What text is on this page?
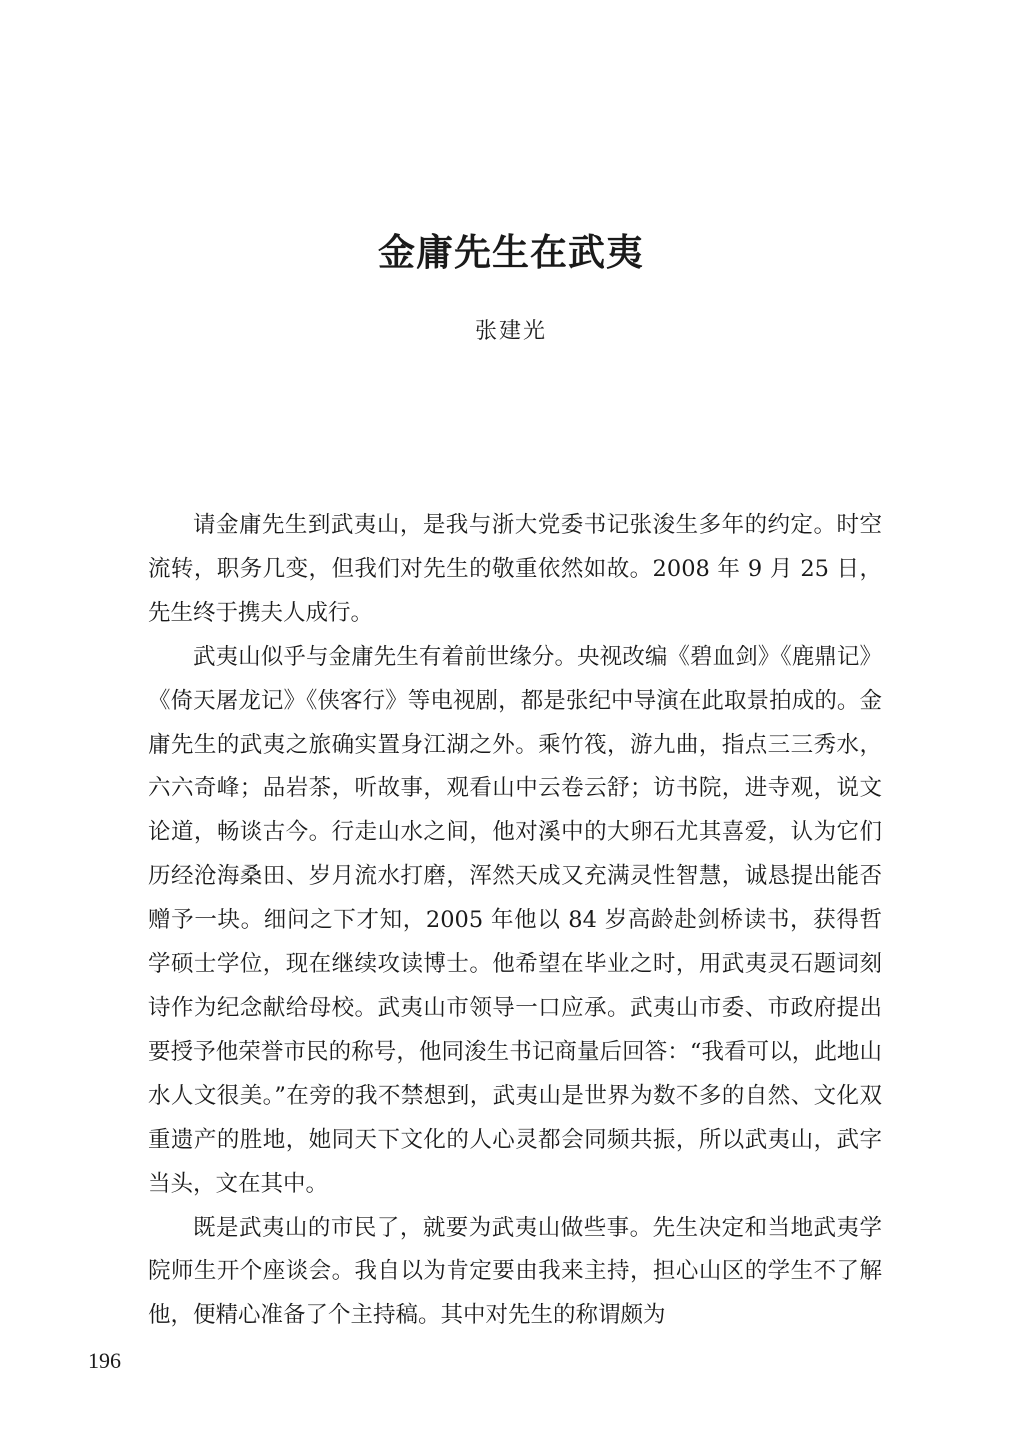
金庸先生在武夷
张建光

请金庸先生到武夷山，是我与浙大党委书记张浚生多年的约定。时空流转，职务几变，但我们对先生的敬重依然如故。2008 年 9 月 25 日，先生终于携夫人成行。

武夷山似乎与金庸先生有着前世缘分。央视改编《碧血剑》《鹿鼎记》《倚天屠龙记》《侠客行》等电视剧，都是张纪中导演在此取景拍成的。金庸先生的武夷之旅确实置身江湖之外。乘竹筏，游九曲，指点三三秀水，六六奇峰；品岩茶，听故事，观看山中云卷云舒；访书院，进寺观，说文论道，畅谈古今。行走山水之间，他对溪中的大卵石尤其喜爱，认为它们历经沧海桑田、岁月流水打磨，浑然天成又充满灵性智慧，诚恳提出能否赠予一块。细问之下才知，2005 年他以 84 岁高龄赴剑桥读书，获得哲学硕士学位，现在继续攻读博士。他希望在毕业之时，用武夷灵石题词刻诗作为纪念献给母校。武夷山市领导一口应承。武夷山市委、市政府提出要授予他荣誉市民的称号，他同浚生书记商量后回答：“我看可以，此地山水人文很美。”在旁的我不禁想到，武夷山是世界为数不多的自然、文化双重遗产的胜地，她同天下文化的人心灵都会同频共振，所以武夷山，武字当头，文在其中。

既是武夷山的市民了，就要为武夷山做些事。先生决定和当地武夷学院师生开个座谈会。我自以为肯定要由我来主持，担心山区的学生不了解他，便精心准备了个主持稿。其中对先生的称谓颇为

196
